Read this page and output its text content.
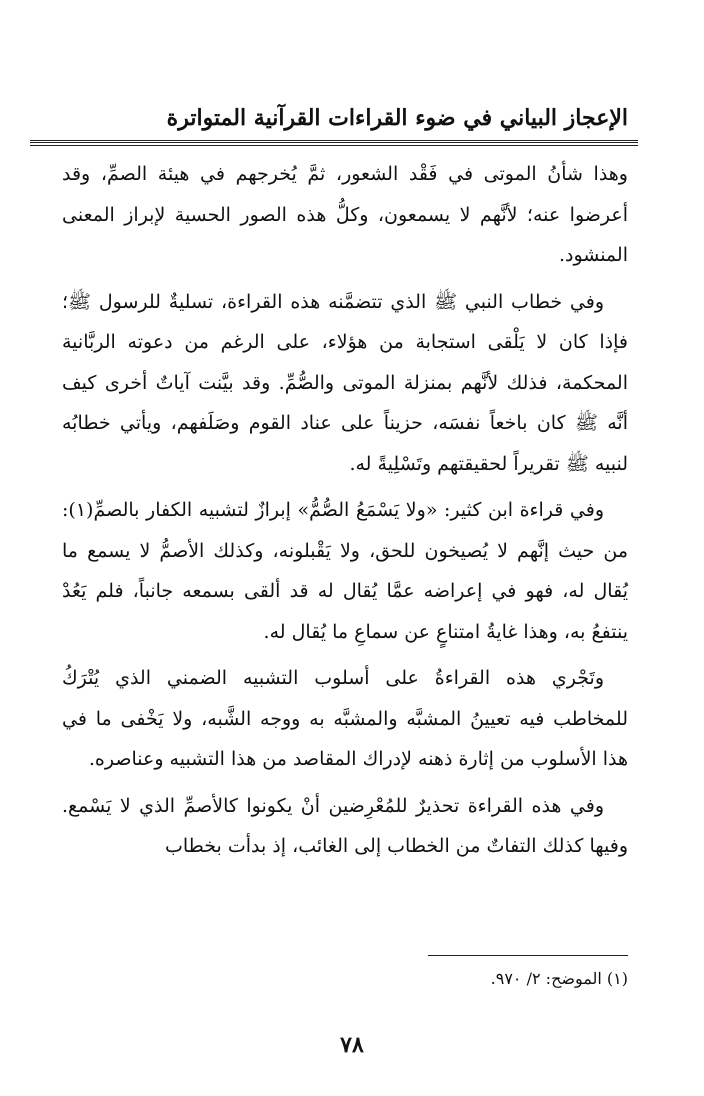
الإعجاز البياني في ضوء القراءات القرآنية المتواترة

وهذا شأنُ الموتى في فَقْد الشعور، ثمَّ يُخرجهم في هيئة الصمِّ، وقد أعرضوا عنه؛ لأنَّهم لا يسمعون، وكلُّ هذه الصور الحسية لإبراز المعنى المنشود.

وفي خطاب النبي ﷺ الذي تتضمَّنه هذه القراءة، تسليةٌ للرسول ﷺ؛ فإذا كان لا يَلْقى استجابة من هؤلاء، على الرغم من دعوته الربَّانية المحكمة، فذلك لأنَّهم بمنزلة الموتى والصُّمِّ. وقد بيَّنت آياتٌ أخرى كيف أنَّه ﷺ كان باخعاً نفسَه، حزيناً على عناد القوم وصَلَفهم، ويأتي خطابُه لنبيه ﷺ تقريراً لحقيقتهم وتَسْلِيةً له.

وفي قراءة ابن كثير: «ولا يَسْمَعُ الصُّمُّ» إبرازٌ لتشبيه الكفار بالصمِّ(١): من حيث إنَّهم لا يُصيخون للحق، ولا يَقْبلونه، وكذلك الأصمُّ لا يسمع ما يُقال له، فهو في إعراضه عمَّا يُقال له قد ألقى بسمعه جانباً، فلم يَعُدْ ينتفعُ به، وهذا غايةُ امتناعٍ عن سماعِ ما يُقال له.

وتَجْري هذه القراءةُ على أسلوب التشبيه الضمني الذي يُتْرَكُ للمخاطب فيه تعيينُ المشبَّه والمشبَّه به ووجه الشَّبه، ولا يَخْفى ما في هذا الأسلوب من إثارة ذهنه لإدراك المقاصد من هذا التشبيه وعناصره.

وفي هذه القراءة تحذيرٌ للمُعْرِضين أنْ يكونوا كالأصمِّ الذي لا يَسْمع. وفيها كذلك التفاتٌ من الخطاب إلى الغائب، إذ بدأت بخطاب

(١) الموضح: ٢/ ٩٧٠.
٧٨
